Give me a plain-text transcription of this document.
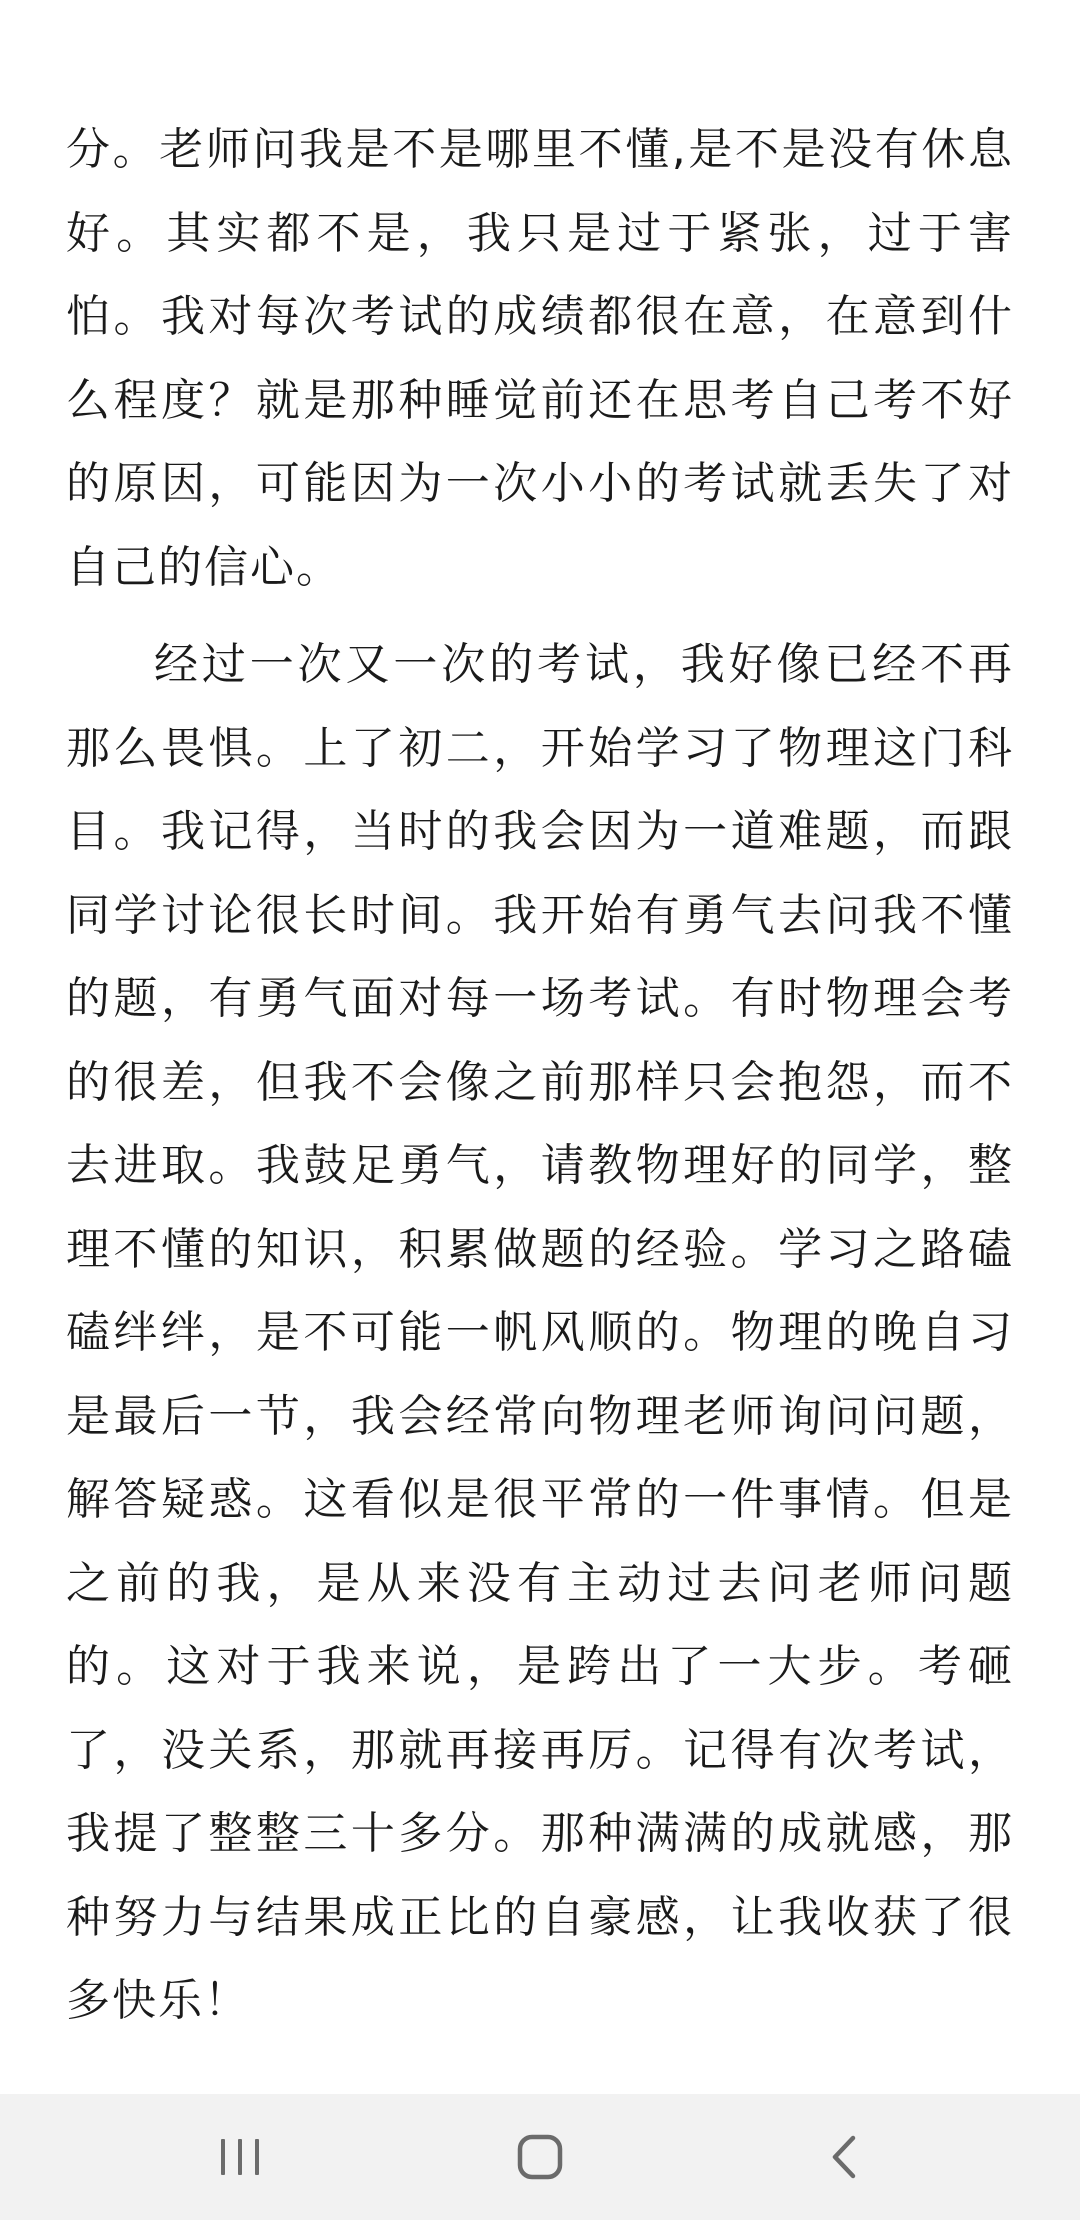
分。老师问我是不是哪里不懂,是不是没有休息好。其实都不是，我只是过于紧张，过于害怕。我对每次考试的成绩都很在意，在意到什么程度？就是那种睡觉前还在思考自己考不好的原因，可能因为一次小小的考试就丢失了对自己的信心。

经过一次又一次的考试，我好像已经不再那么畏惧。上了初二，开始学习了物理这门科目。我记得，当时的我会因为一道难题，而跟同学讨论很长时间。我开始有勇气去问我不懂的题，有勇气面对每一场考试。有时物理会考的很差，但我不会像之前那样只会抱怨，而不去进取。我鼓足勇气，请教物理好的同学，整理不懂的知识，积累做题的经验。学习之路磕磕绊绊，是不可能一帆风顺的。物理的晚自习是最后一节，我会经常向物理老师询问问题，解答疑惑。这看似是很平常的一件事情。但是之前的我，是从来没有主动过去问老师问题的。这对于我来说，是跨出了一大步。考砸了，没关系，那就再接再厉。记得有次考试，我提了整整三十多分。那种满满的成就感，那种努力与结果成正比的自豪感，让我收获了很多快乐！
